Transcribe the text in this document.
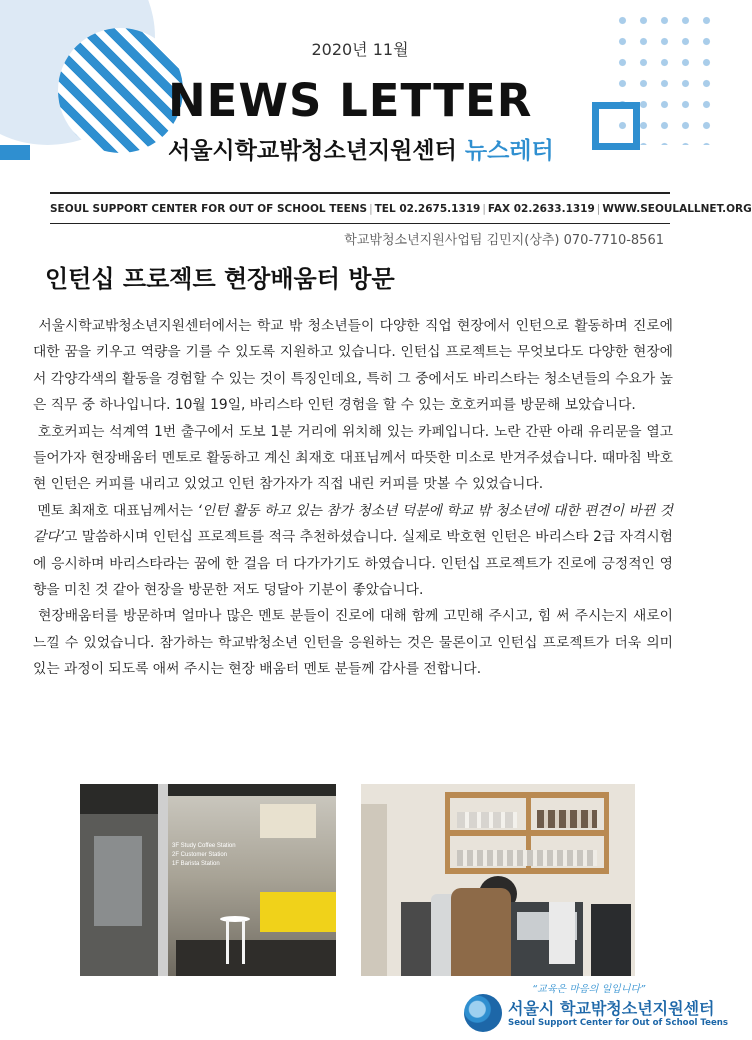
2020년 11월
NEWS LETTER
서울시학교밖청소년지원센터 뉴스레터
SEOUL SUPPORT CENTER FOR OUT OF SCHOOL TEENS | TEL 02.2675.1319 | FAX 02.2633.1319 | WWW.SEOULALLNET.ORG
학교밖청소년지원사업팀 김민지(상추) 070-7710-8561
인턴십 프로젝트 현장배움터 방문

서울시학교밖청소년지원센터에서는 학교 밖 청소년들이 다양한 직업 현장에서 인턴으로 활동하며 진로에 대한 꿈을 키우고 역량을 기를 수 있도록 지원하고 있습니다. 인턴십 프로젝트는 무엇보다도 다양한 현장에서 각양각색의 활동을 경험할 수 있는 것이 특징인데요, 특히 그 중에서도 바리스타는 청소년들의 수요가 높은 직무 중 하나입니다. 10월 19일, 바리스타 인턴 경험을 할 수 있는 호호커피를 방문해 보았습니다.

호호커피는 석계역 1번 출구에서 도보 1분 거리에 위치해 있는 카페입니다. 노란 간판 아래 유리문을 열고 들어가자 현장배움터 멘토로 활동하고 계신 최재호 대표님께서 따뜻한 미소로 반겨주셨습니다. 때마침 박호현 인턴은 커피를 내리고 있었고 인턴 참가자가 직접 내린 커피를 맛볼 수 있었습니다.

멘토 최재호 대표님께서는 ‘인턴 활동 하고 있는 참가 청소년 덕분에 학교 밖 청소년에 대한 편견이 바뀐 것 같다’고 말씀하시며 인턴십 프로젝트를 적극 추천하셨습니다. 실제로 박호현 인턴은 바리스타 2급 자격시험에 응시하며 바리스타라는 꿈에 한 걸음 더 다가가기도 하였습니다. 인턴십 프로젝트가 진로에 긍정적인 영향을 미친 것 같아 현장을 방문한 저도 덩달아 기분이 좋았습니다.

현장배움터를 방문하며 얼마나 많은 멘토 분들이 진로에 대해 함께 고민해 주시고, 힘 써 주시는지 새로이 느낄 수 있었습니다. 참가하는 학교밖청소년 인턴을 응원하는 것은 물론이고 인턴십 프로젝트가 더욱 의미 있는 과정이 되도록 애써 주시는 현장 배움터 멘토 분들께 감사를 전합니다.

3F Study Coffee Station
2F Customer Station
1F Barista Station
“교육은 마음의 일입니다”
서울시 학교밖청소년지원센터
Seoul Support Center for Out of School Teens
